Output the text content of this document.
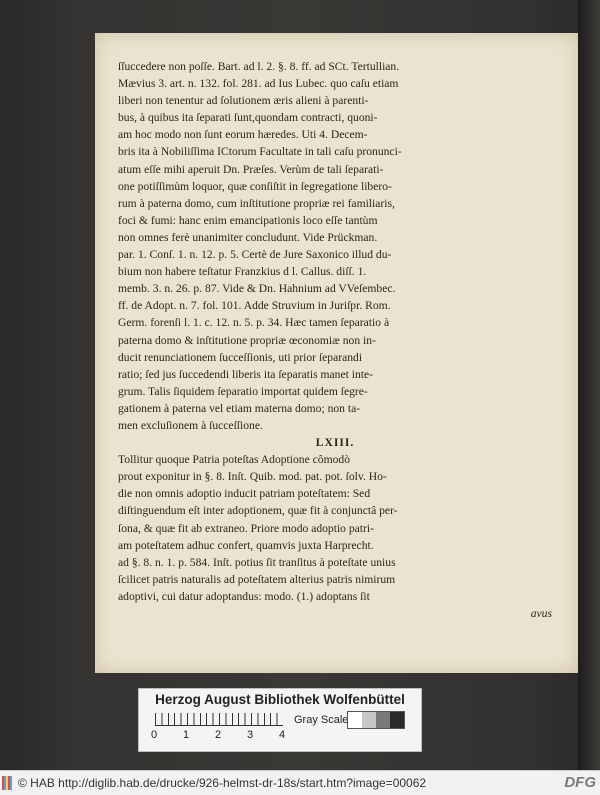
ſſuccedere non poſſe. Bart. ad l. 2. §. 8. ff. ad SCt. Tertullian.
Mævius 3. art. n. 132. fol. 281. ad Ius Lubec. quo caſu etiam
liberi non tenentur ad ſolutionem æris alieni à parenti-
bus, à quibus ita ſeparati ſunt,quondam contracti, quoni-
am hoc modo non ſunt eorum hæredes. Uti 4. Decem-
bris ita à Nobiliſſima ICtorum Facultate in tali caſu pronunci-
atum eſſe mihi aperuit Dn. Præſes. Verùm de tali ſeparati-
one potiſſimùm loquor, quæ conſiſtit in ſegregatione libero-
rum à paterna domo, cum inſtitutione propriæ rei familiaris,
foci & fumi: hanc enim emancipationis loco eſſe tantùm
non omnes ferè unanimiter concludunt. Vide Prückman.
par. 1. Conſ. 1. n. 12. p. 5. Certè de Jure Saxonico illud du-
bium non habere teſtatur Franzkius d l. Callus. diſſ. 1.
memb. 3. n. 26. p. 87. Vide & Dn. Hahnium ad VVeſembec.
ff. de Adopt. n. 7. fol. 101. Adde Struvium in Juriſpr. Rom.
Germ. forenſi l. 1. c. 12. n. 5. p. 34. Hæc tamen ſeparatio à
paterna domo & inſtitutione propriæ œconomiæ non in-
ducit renunciationem ſucceſſionis, uti prior ſeparandi
ratio; ſed jus ſuccedendi liberis ita ſeparatis manet inte-
grum. Talis ſiquidem ſeparatio importat quidem ſegre-
gationem à paterna vel etiam materna domo; non ta-
men excluſionem à ſucceſſione.
LXIII.
Tollitur quoque Patria poteſtas Adoptione cômodò
prout exponitur in §. 8. Inſt. Quib. mod. pat. pot. ſolv. Ho-
die non omnis adoptio inducit patriam poteſtatem: Sed
diſtinguendum eſt inter adoptionem, quæ fit à conjunctâ per-
ſona, & quæ fit ab extraneo. Priore modo adoptio patri-
am poteſtatem adhuc confert, quamvis juxta Harprecht.
ad §. 8. n. 1. p. 584. Inſt. potius ſit tranſitus à poteſtate unius
ſcilicet patris naturalis ad poteſtatem alterius patris nimirum
adoptivi, cui datur adoptandus: modo. (1.) adoptans ſit
avus
Herzog August Bibliothek Wolfenbüttel
0 1 2 3 4
Gray Scale
© HAB http://diglib.hab.de/drucke/926-helmst-dr-18s/start.htm?image=00062	DFG
